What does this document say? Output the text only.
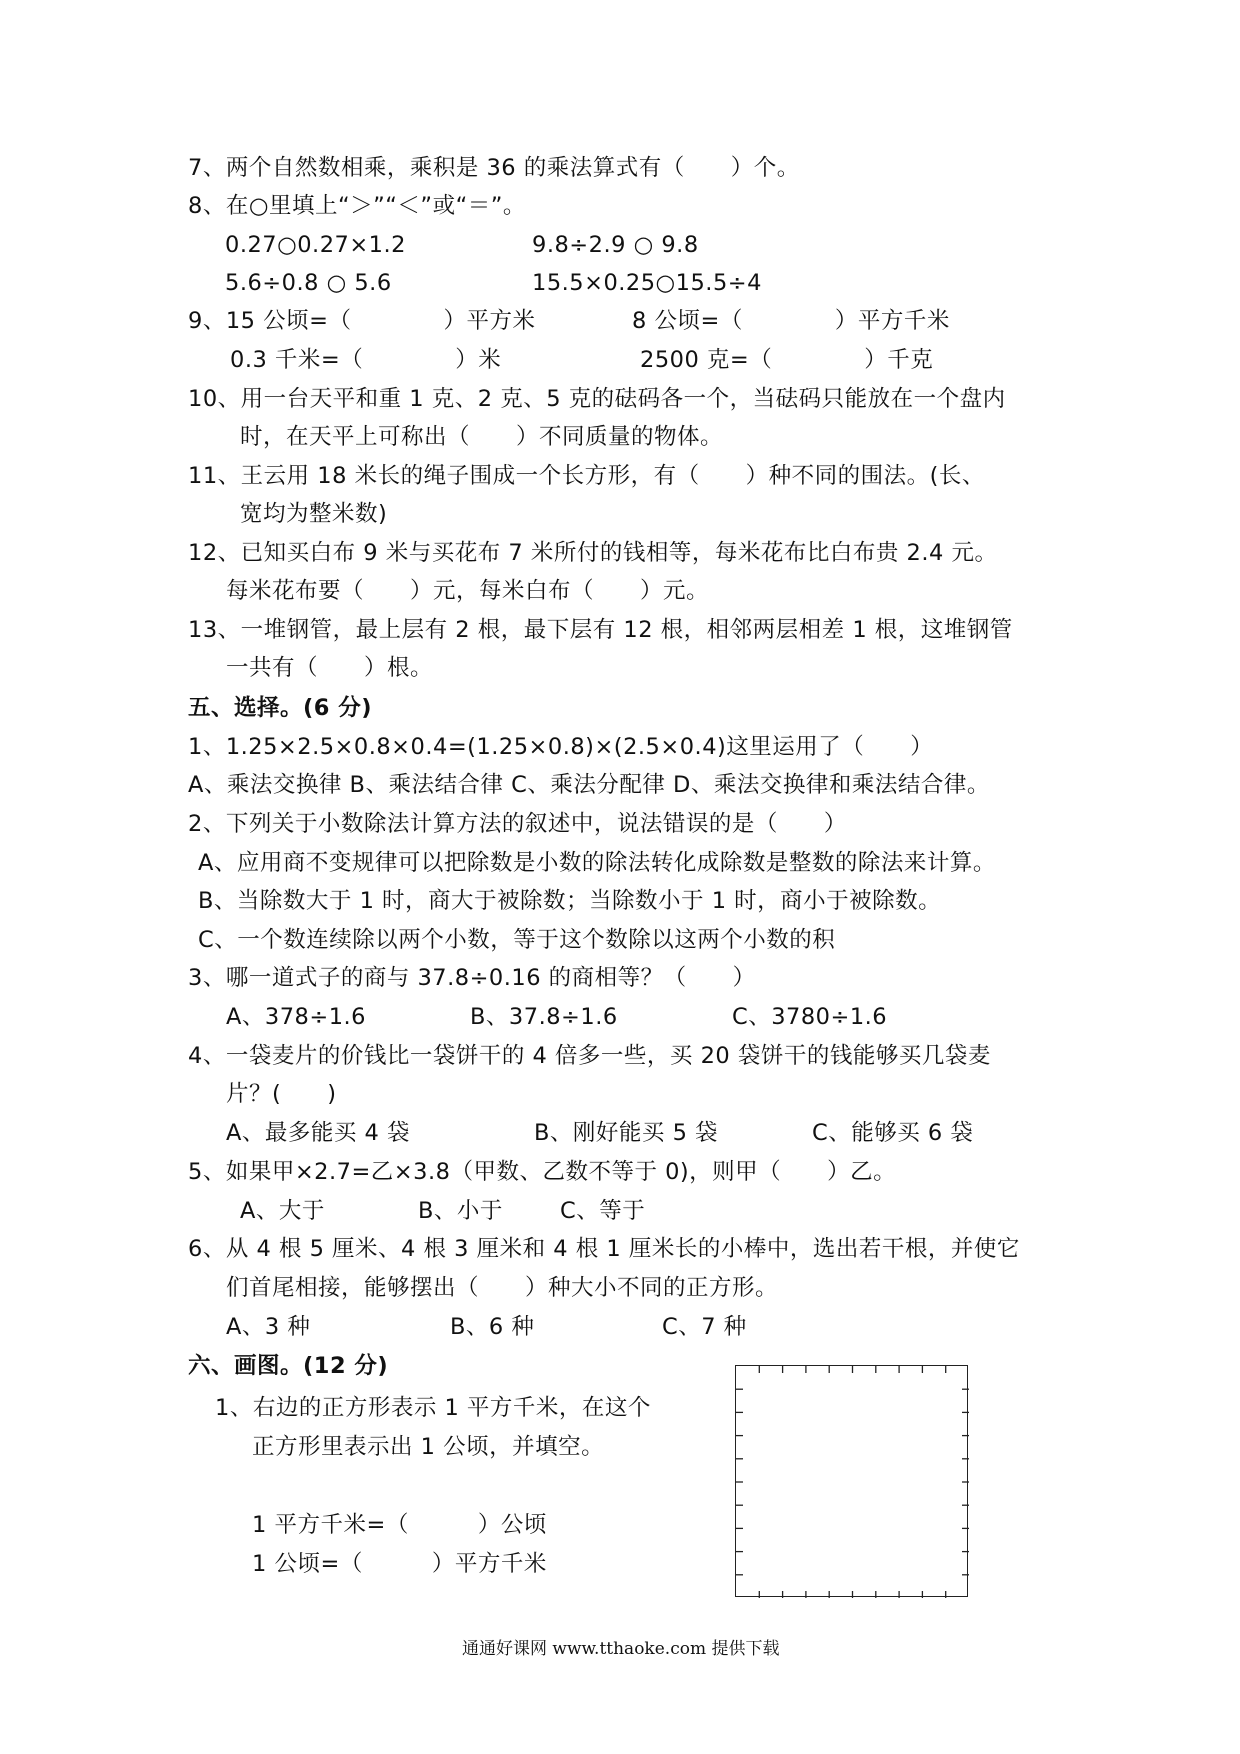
7、两个自然数相乘，乘积是 36 的乘法算式有（　　）个。
8、在○里填上“＞”“＜”或“＝”。
0.27○0.27×1.2	9.8÷2.9 ○ 9.8
5.6÷0.8 ○ 5.6	15.5×0.25○15.5÷4
9、15 公顷=（　　　　）平方米	8 公顷=（　　　　）平方千米
0.3 千米=（　　　　）米	2500 克=（　　　　）千克
10、用一台天平和重 1 克、2 克、5 克的砝码各一个，当砝码只能放在一个盘内
时，在天平上可称出（　　）不同质量的物体。
11、王云用 18 米长的绳子围成一个长方形，有（　　）种不同的围法。(长、
宽均为整米数)
12、已知买白布 9 米与买花布 7 米所付的钱相等，每米花布比白布贵 2.4 元。
每米花布要（　　）元，每米白布（　　）元。
13、一堆钢管，最上层有 2 根，最下层有 12 根，相邻两层相差 1 根，这堆钢管
一共有（　　）根。
五、选择。(6 分)
1、1.25×2.5×0.8×0.4=(1.25×0.8)×(2.5×0.4)这里运用了（　　）
A、乘法交换律 B、乘法结合律 C、乘法分配律 D、乘法交换律和乘法结合律。
2、下列关于小数除法计算方法的叙述中，说法错误的是（　　）
A、应用商不变规律可以把除数是小数的除法转化成除数是整数的除法来计算。
B、当除数大于 1 时，商大于被除数；当除数小于 1 时，商小于被除数。
C、一个数连续除以两个小数，等于这个数除以这两个小数的积
3、哪一道式子的商与 37.8÷0.16 的商相等？（　　）
A、378÷1.6	B、37.8÷1.6	C、3780÷1.6
4、一袋麦片的价钱比一袋饼干的 4 倍多一些，买 20 袋饼干的钱能够买几袋麦
片？(　　)
A、最多能买 4 袋	B、刚好能买 5 袋	C、能够买 6 袋
5、如果甲×2.7=乙×3.8（甲数、乙数不等于 0)，则甲（　　）乙。
A、大于	B、小于	C、等于
6、从 4 根 5 厘米、4 根 3 厘米和 4 根 1 厘米长的小棒中，选出若干根，并使它
们首尾相接，能够摆出（　　）种大小不同的正方形。
A、3 种	B、6 种	C、7 种
六、画图。(12 分)
1、右边的正方形表示 1 平方千米，在这个
正方形里表示出 1 公顷，并填空。
1 平方千米=（　　　）公顷
1 公顷=（　　　）平方千米
通通好课网 www.tthaoke.com 提供下载
